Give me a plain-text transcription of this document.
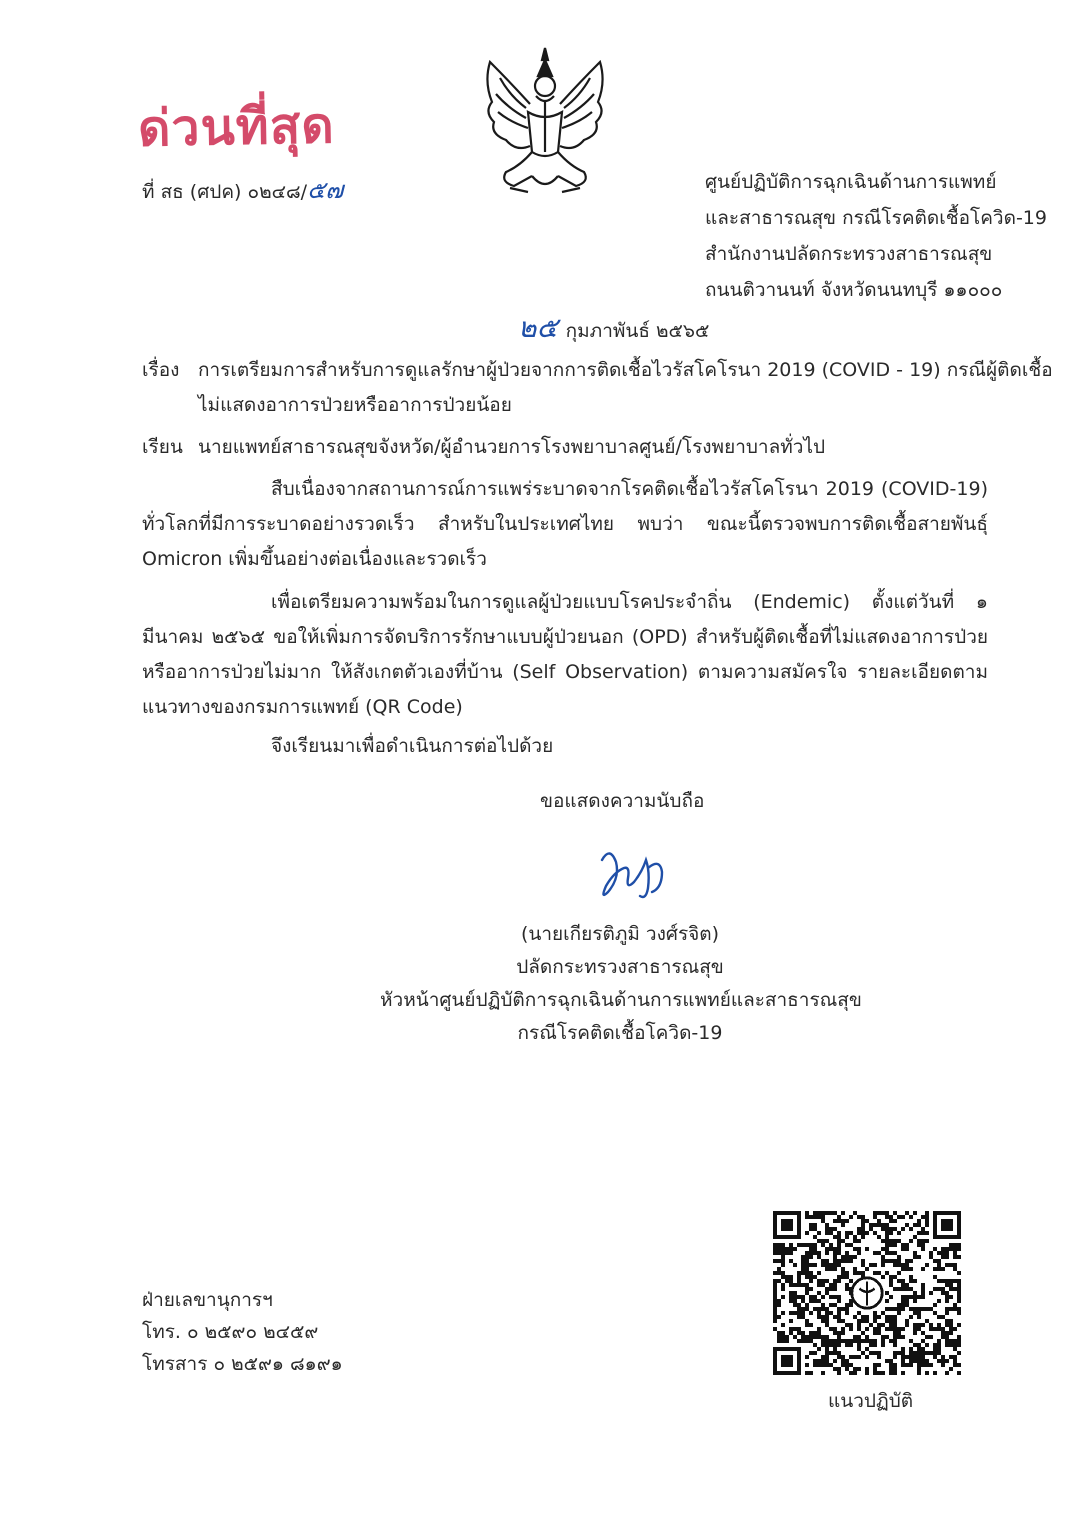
ด่วนที่สุด
ที่ สธ (ศปค) ๐๒๔๘/๕๗	ศูนย์ปฏิบัติการฉุกเฉินด้านการแพทย์
และสาธารณสุข กรณีโรคติดเชื้อโควิด-19
สำนักงานปลัดกระทรวงสาธารณสุข
ถนนติวานนท์ จังหวัดนนทบุรี ๑๑๐๐๐
๒๕ กุมภาพันธ์ ๒๕๖๕
เรื่อง การเตรียมการสำหรับการดูแลรักษาผู้ป่วยจากการติดเชื้อไวรัสโคโรนา 2019 (COVID - 19) กรณีผู้ติดเชื้อ
ไม่แสดงอาการป่วยหรืออาการป่วยน้อย
เรียน นายแพทย์สาธารณสุขจังหวัด/ผู้อำนวยการโรงพยาบาลศูนย์/โรงพยาบาลทั่วไป
สืบเนื่องจากสถานการณ์การแพร่ระบาดจากโรคติดเชื้อไวรัสโคโรนา 2019 (COVID-19) ทั่วโลกที่มีการระบาดอย่างรวดเร็ว สำหรับในประเทศไทย พบว่า ขณะนี้ตรวจพบการติดเชื้อสายพันธุ์ Omicron เพิ่มขึ้นอย่างต่อเนื่องและรวดเร็ว
เพื่อเตรียมความพร้อมในการดูแลผู้ป่วยแบบโรคประจำถิ่น (Endemic) ตั้งแต่วันที่ ๑ มีนาคม ๒๕๖๕ ขอให้เพิ่มการจัดบริการรักษาแบบผู้ป่วยนอก (OPD) สำหรับผู้ติดเชื้อที่ไม่แสดงอาการป่วยหรืออาการป่วยไม่มาก ให้สังเกตตัวเองที่บ้าน (Self Observation) ตามความสมัครใจ รายละเอียดตามแนวทางของกรมการแพทย์ (QR Code)
จึงเรียนมาเพื่อดำเนินการต่อไปด้วย
ขอแสดงความนับถือ
(นายเกียรติภูมิ วงศ์รจิต)
ปลัดกระทรวงสาธารณสุข
หัวหน้าศูนย์ปฏิบัติการฉุกเฉินด้านการแพทย์และสาธารณสุข
กรณีโรคติดเชื้อโควิด-19
ฝ่ายเลขานุการฯ
โทร. ๐ ๒๕๙๐ ๒๔๕๙
โทรสาร ๐ ๒๕๙๑ ๘๑๙๑
แนวปฏิบัติ
